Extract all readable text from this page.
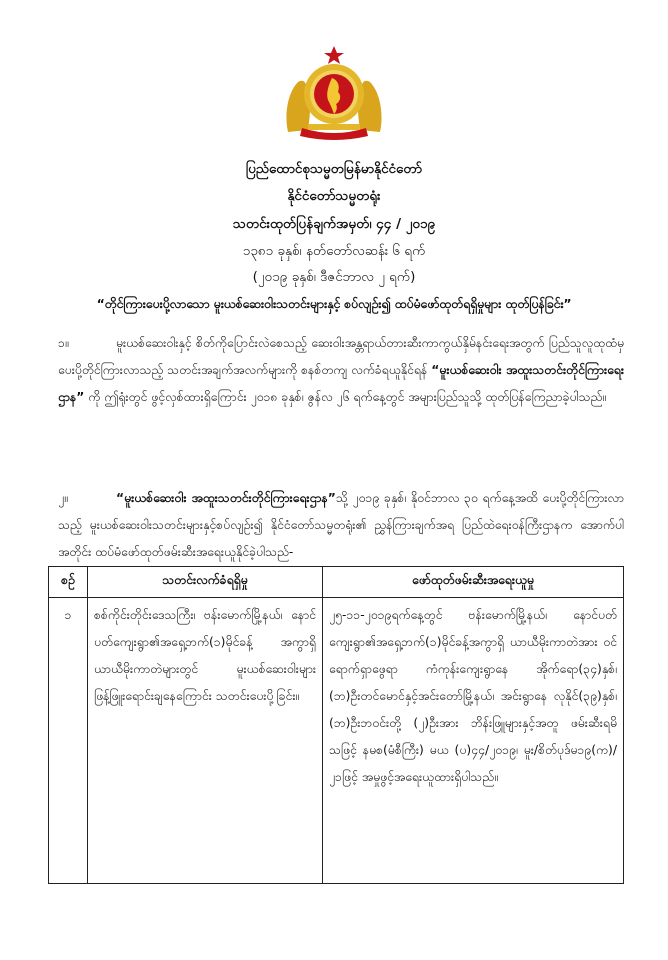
ပြည်ထောင်စုသမ္မတမြန်မာနိုင်ငံတော်
နိုင်ငံတော်သမ္မတရုံး
သတင်းထုတ်ပြန်ချက်အမှတ်၊ ၄၄ / ၂၀၁၉
၁၃၈၁ ခုနှစ်၊ နတ်တော်လဆန်း ၆ ရက်
(၂၀၁၉ ခုနှစ်၊ ဒီဇင်ဘာလ ၂ ရက်)
“တိုင်ကြားပေးပို့လာသော မူးယစ်ဆေးဝါးသတင်းများနှင့် စပ်လျဉ်း၍ ထပ်မံဖော်ထုတ်ရရှိမှုများ ထုတ်ပြန်ခြင်း”
၁။	မူးယစ်ဆေးဝါးနှင့် စိတ်ကိုပြောင်းလဲစေသည့် ဆေးဝါးအန္တရာယ်တားဆီးကာကွယ်နှိမ်နင်းရေးအတွက် ပြည်သူလူထုထံမှ ပေးပို့တိုင်ကြားလာသည့် သတင်းအချက်အလက်များကို စနစ်တကျ လက်ခံရယူနိုင်ရန် “မူးယစ်ဆေးဝါး အထူးသတင်းတိုင်ကြားရေးဌာန” ကို ဤရုံးတွင် ဖွင့်လှစ်ထားရှိကြောင်း ၂၀၁၈ ခုနှစ်၊ ဇွန်လ ၂၆ ရက်နေ့တွင် အများပြည်သူသို့ ထုတ်ပြန်ကြေညာခဲ့ပါသည်။
၂။	“မူးယစ်ဆေးဝါး အထူးသတင်းတိုင်ကြားရေးဌာန”သို့ ၂၀၁၉ ခုနှစ်၊ နိုဝင်ဘာလ ၃၀ ရက်နေ့အထိ ပေးပို့တိုင်ကြားလာသည့် မူးယစ်ဆေးဝါးသတင်းများနှင့်စပ်လျဉ်း၍ နိုင်ငံတော်သမ္မတရုံး၏ ညွှန်ကြားချက်အရ ပြည်ထဲရေးဝန်ကြီးဌာနက အောက်ပါအတိုင်း ထပ်မံဖော်ထုတ်ဖမ်းဆီးအရေးယူနိုင်ခဲ့ပါသည်-
စဉ်	သတင်းလက်ခံရရှိမှု	ဖော်ထုတ်ဖမ်းဆီးအရေးယူမှု
၁	စစ်ကိုင်းတိုင်းဒေသကြီး၊ ဗန်းမောက်မြို့နယ်၊ နောင်ပတ်ကျေးရွာ၏အရှေ့ဘက်(၁)မိုင်ခန့် အကွာရှိ ယာယီမိုးကာတဲများတွင် မူးယစ်ဆေးဝါးများ ဖြန့်ဖြူးရောင်းချနေကြောင်း သတင်းပေးပို့ခြင်း။	၂၅-၁၁-၂၀၁၉ရက်နေ့တွင် ဗန်းမောက်မြို့နယ်၊ နောင်ပတ်ကျေးရွာ၏အရှေ့ဘက်(၁)မိုင်ခန့်အကွာရှိ ယာယီမိုးကာတဲအား ဝင်ရောက်ရှာဖွေရာ ကံကုန်းကျေးရွာနေ အိုက်ရော(၃၄)နှစ်၊(ဘ)ဦးတင်မောင်နှင့်အင်းတော်မြို့နယ်၊ အင်းရွာနေ လုနိုင်(၃၉)နှစ်၊ (ဘ)ဦးဘဝင်းတို့ (၂)ဦးအား ဘိန်းဖြူများနှင့်အတူ ဖမ်းဆီးရမိသဖြင့် နမစ(မံစီကြီး) မယ (ပ)၄၄/၂၀၁၉၊ မူး/စိတ်ပုဒ်မ၁၉(က)/၂၁ဖြင့် အမှုဖွင့်အရေးယူထားရှိပါသည်။
